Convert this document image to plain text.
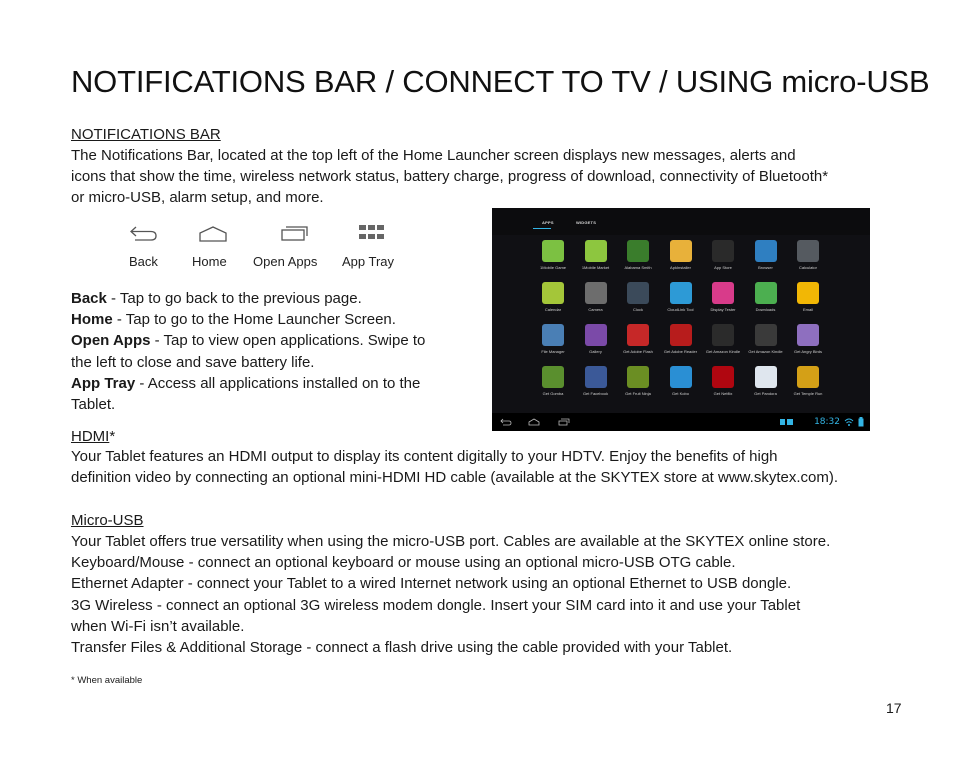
NOTIFICATIONS BAR / CONNECT TO TV / USING micro-USB
NOTIFICATIONS BAR
The Notifications Bar, located at the top left of the Home Launcher screen displays new messages, alerts and
icons that show the time, wireless network status, battery charge, progress of download, connectivity of Bluetooth*
or micro-USB, alarm setup, and more.
Back	Home Open Apps App Tray
Back - Tap to go back to the previous page.
Home - Tap to go to the Home Launcher Screen.
Open Apps - Tap to view open applications. Swipe to
the left to close and save battery life.
App Tray - Access all applications installed on to the
Tablet.
APPS	WIDGETS
1Mobile Game	1Mobile Market	Alabama Smith	ApkInstaller	App Store	Browser	Calculator
Calendar	Camera	Clock	CloudLink Tool	Display Tester	Downloads	Email
File Manager	Gallery	Get Adobe Flash	Get Adobe Reader	Get Amazon Kindle	Get Amazon Kindle	Get Angry Birds
Get Gomba	Get Facebook	Get Fruit Ninja	Get Kobo	Get Netflix	Get Pandora	Get Temple Run
18:32
HDMI*
Your Tablet features an HDMI output to display its content digitally to your HDTV. Enjoy the benefits of high
definition video by connecting an optional mini-HDMI HD cable (available at the SKYTEX store at www.skytex.com).
Micro-USB
Your Tablet offers true versatility when using the micro-USB port. Cables are available at the SKYTEX online store.
Keyboard/Mouse - connect an optional keyboard or mouse using an optional micro-USB OTG cable.
Ethernet Adapter - connect your Tablet to a wired Internet network using an optional Ethernet to USB dongle.
3G Wireless - connect an optional 3G wireless modem dongle. Insert your SIM card into it and use your Tablet
when Wi-Fi isn’t available.
Transfer Files & Additional Storage - connect a flash drive using the cable provided with your Tablet.
* When available
17
